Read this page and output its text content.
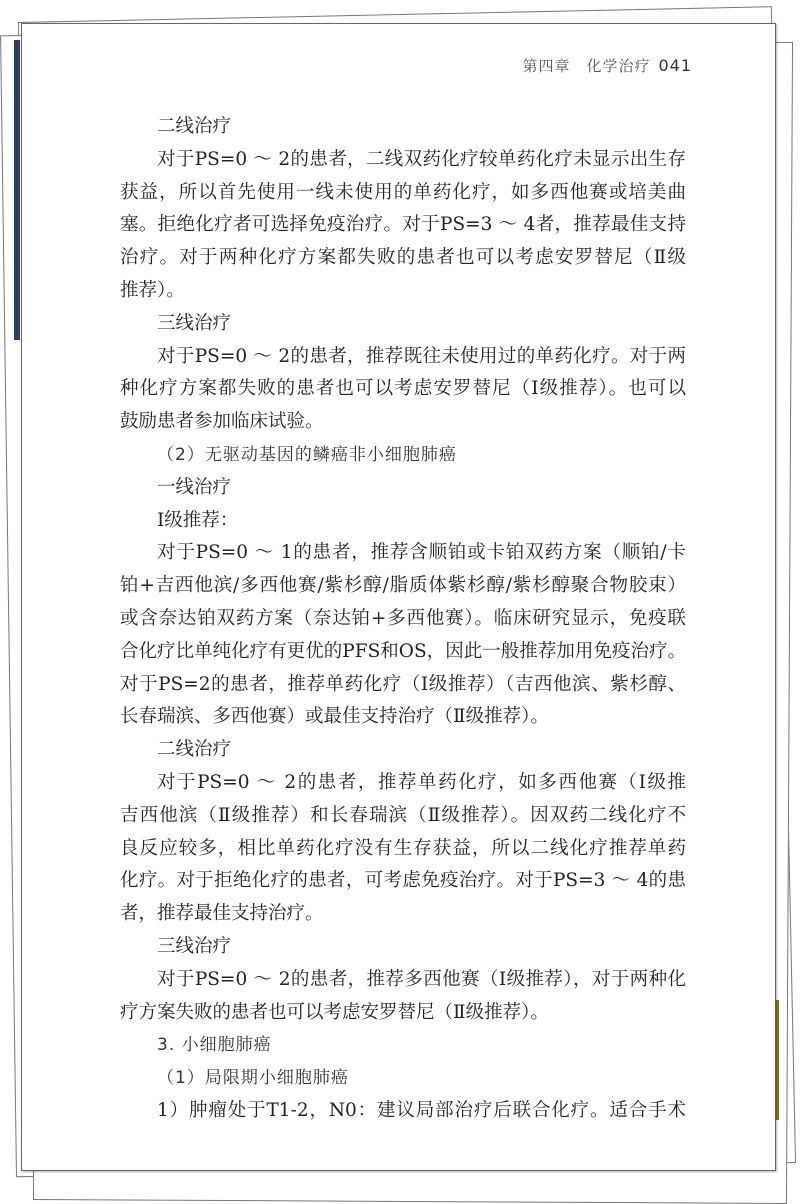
第四章　化学治疗 041
二线治疗
对于PS=0 ～ 2的患者，二线双药化疗较单药化疗未显示出生存
获益，所以首先使用一线未使用的单药化疗，如多西他赛或培美曲
塞。拒绝化疗者可选择免疫治疗。对于PS=3 ～ 4者，推荐最佳支持
治疗。对于两种化疗方案都失败的患者也可以考虑安罗替尼（Ⅱ级
推荐）。
三线治疗
对于PS=0 ～ 2的患者，推荐既往未使用过的单药化疗。对于两
种化疗方案都失败的患者也可以考虑安罗替尼（Ⅰ级推荐）。也可以
鼓励患者参加临床试验。
（2）无驱动基因的鳞癌非小细胞肺癌
一线治疗
Ⅰ级推荐：
对于PS=0 ～ 1的患者，推荐含顺铂或卡铂双药方案（顺铂/卡
铂+吉西他滨/多西他赛/紫杉醇/脂质体紫杉醇/紫杉醇聚合物胶束）
或含奈达铂双药方案（奈达铂+多西他赛）。临床研究显示，免疫联
合化疗比单纯化疗有更优的PFS和OS，因此一般推荐加用免疫治疗。
对于PS=2的患者，推荐单药化疗（Ⅰ级推荐）（吉西他滨、紫杉醇、
长春瑞滨、多西他赛）或最佳支持治疗（Ⅱ级推荐）。
二线治疗
对于PS=0 ～ 2的患者，推荐单药化疗，如多西他赛（Ⅰ级推
吉西他滨（Ⅱ级推荐）和长春瑞滨（Ⅱ级推荐）。因双药二线化疗不
良反应较多，相比单药化疗没有生存获益，所以二线化疗推荐单药
化疗。对于拒绝化疗的患者，可考虑免疫治疗。对于PS=3 ～ 4的患
者，推荐最佳支持治疗。
三线治疗
对于PS=0 ～ 2的患者，推荐多西他赛（Ⅰ级推荐），对于两种化
疗方案失败的患者也可以考虑安罗替尼（Ⅱ级推荐）。
3. 小细胞肺癌
（1）局限期小细胞肺癌
1）肿瘤处于T1-2，N0：建议局部治疗后联合化疗。适合手术
